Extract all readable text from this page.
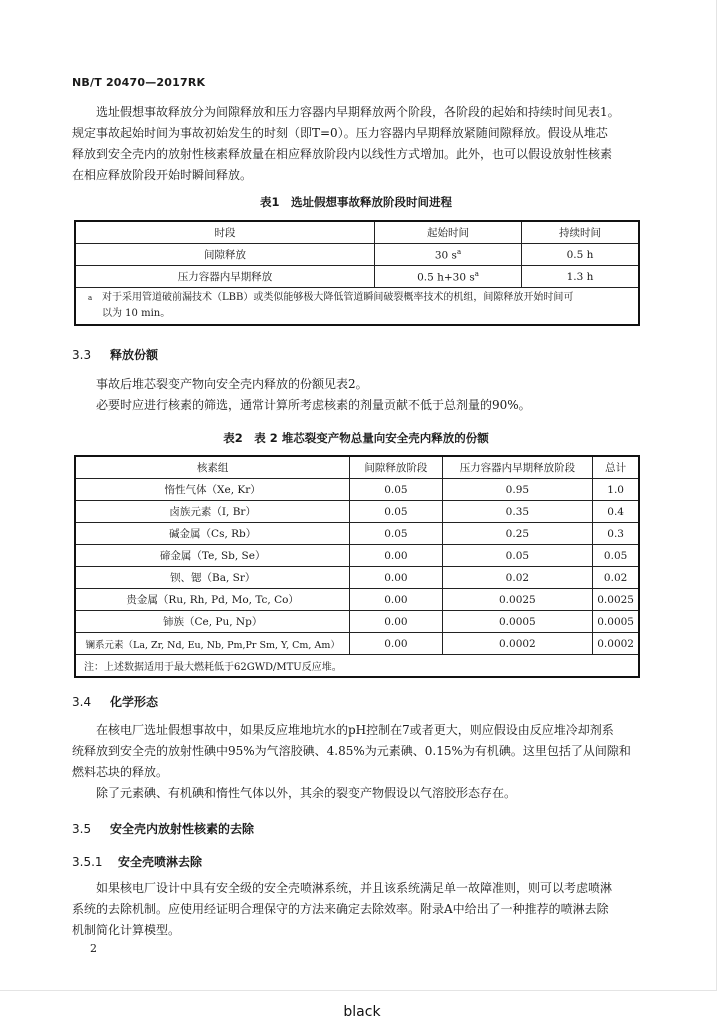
NB/T 20470—2017RK
选址假想事故释放分为间隙释放和压力容器内早期释放两个阶段，各阶段的起始和持续时间见表1。
规定事故起始时间为事故初始发生的时刻（即T=0）。压力容器内早期释放紧随间隙释放。假设从堆芯
释放到安全壳内的放射性核素释放量在相应释放阶段内以线性方式增加。此外，也可以假设放射性核素
在相应释放阶段开始时瞬间释放。
表1　选址假想事故释放阶段时间进程
时段	起始时间	持续时间
间隙释放	30 $s^a$	0.5 h
压力容器内早期释放	0.5 h+30 $s^a$	1.3 h

a 对于采用管道破前漏技术（LBB）或类似能够极大降低管道瞬间破裂概率技术的机组，间隙释放开始时间可
以为 10 min。		
3.3 释放份额
事故后堆芯裂变产物向安全壳内释放的份额见表2。
必要时应进行核素的筛选，通常计算所考虑核素的剂量贡献不低于总剂量的90%。
表2　表 2 堆芯裂变产物总量向安全壳内释放的份额
核素组	间隙释放阶段	压力容器内早期释放阶段	总计
惰性气体（Xe, Kr）	0.05	0.95	1.0
卤族元素（I, Br）	0.05	0.35	0.4
碱金属（Cs, Rb）	0.05	0.25	0.3
碲金属（Te, Sb, Se）	0.00	0.05	0.05
钡、锶（Ba, Sr）	0.00	0.02	0.02
贵金属（Ru, Rh, Pd, Mo, Tc, Co）	0.00	0.0025	0.0025
铈族（Ce, Pu, Np）	0.00	0.0005	0.0005
镧系元素（La, Zr, Nd, Eu, Nb, Pm,Pr Sm, Y, Cm, Am）	0.00	0.0002	0.0002
注：上述数据适用于最大燃耗低于62GWD/MTU反应堆。			
3.4 化学形态
在核电厂选址假想事故中，如果反应堆地坑水的pH控制在7或者更大，则应假设由反应堆冷却剂系
统释放到安全壳的放射性碘中95%为气溶胶碘、4.85%为元素碘、0.15%为有机碘。这里包括了从间隙和
燃料芯块的释放。
除了元素碘、有机碘和惰性气体以外，其余的裂变产物假设以气溶胶形态存在。
3.5 安全壳内放射性核素的去除
3.5.1 安全壳喷淋去除
如果核电厂设计中具有安全级的安全壳喷淋系统，并且该系统满足单一故障准则，则可以考虑喷淋
系统的去除机制。应使用经证明合理保守的方法来确定去除效率。附录A中给出了一种推荐的喷淋去除
机制简化计算模型。
2
black
